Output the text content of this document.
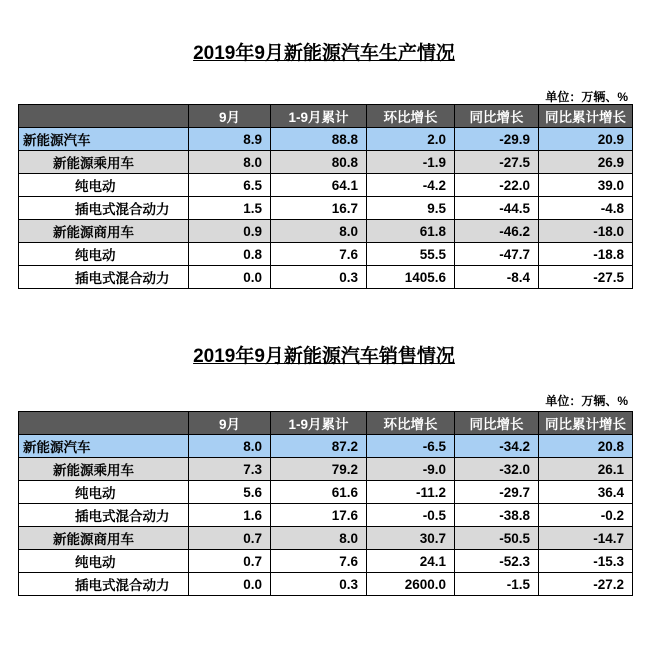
2019年9月新能源汽车生产情况
单位：万辆、%
	9月	1-9月累计	环比增长	同比增长	同比累计增长
新能源汽车	8.9	88.8	2.0	-29.9	20.9
新能源乘用车	8.0	80.8	-1.9	-27.5	26.9
纯电动	6.5	64.1	-4.2	-22.0	39.0
插电式混合动力	1.5	16.7	9.5	-44.5	-4.8
新能源商用车	0.9	8.0	61.8	-46.2	-18.0
纯电动	0.8	7.6	55.5	-47.7	-18.8
插电式混合动力	0.0	0.3	1405.6	-8.4	-27.5
2019年9月新能源汽车销售情况
单位：万辆、%
	9月	1-9月累计	环比增长	同比增长	同比累计增长
新能源汽车	8.0	87.2	-6.5	-34.2	20.8
新能源乘用车	7.3	79.2	-9.0	-32.0	26.1
纯电动	5.6	61.6	-11.2	-29.7	36.4
插电式混合动力	1.6	17.6	-0.5	-38.8	-0.2
新能源商用车	0.7	8.0	30.7	-50.5	-14.7
纯电动	0.7	7.6	24.1	-52.3	-15.3
插电式混合动力	0.0	0.3	2600.0	-1.5	-27.2
